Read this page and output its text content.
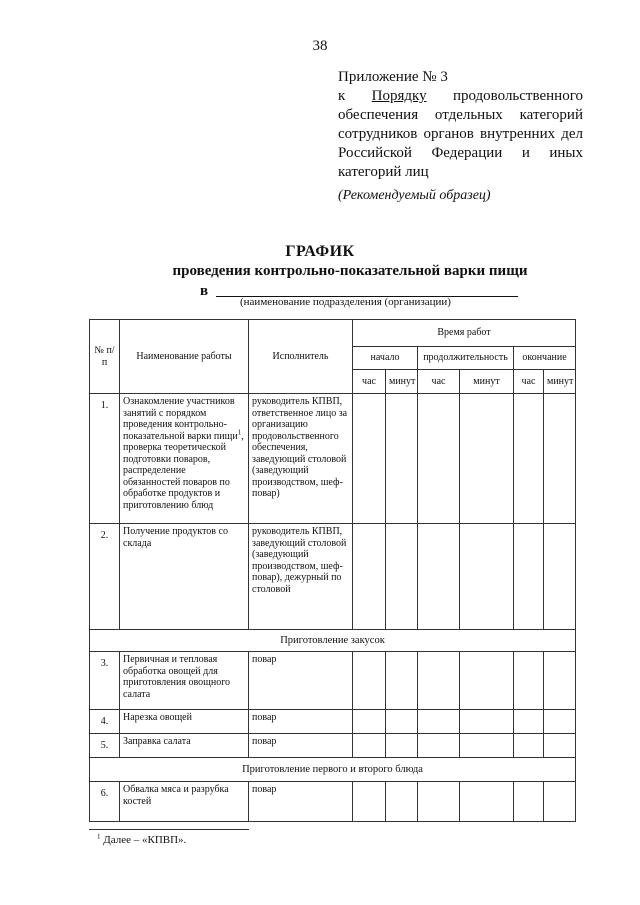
38
Приложение № 3
к Порядку продовольственного
обеспечения отдельных категорий
сотрудников органов внутренних дел
Российской Федерации и иных
категорий лиц
(Рекомендуемый образец)
ГРАФИК
проведения контрольно-показательной варки пищи
в
(наименование подразделения (организации)
№ п/п	Наименование работы	Исполнитель	Время работ					
			начало		продолжительность		окончание	
			час	минут	час	минут	час	минут
1.	Ознакомление участников занятий с порядком проведения контрольно-показательной варки пищи$^1$, проверка теоретической подготовки поваров, распределение обязанностей поваров по обработке продуктов и приготовлению блюд	руководитель КПВП, ответственное лицо за организацию продовольственного обеспечения, заведующий столовой (заведующий производством, шеф-повар)						
2.	Получение продуктов со склада	руководитель КПВП, заведующий столовой (заведующий производством, шеф-повар), дежурный по столовой						
Приготовление закусок								
3.	Первичная и тепловая обработка овощей для приготовления овощного салата	повар						
4.	Нарезка овощей	повар						
5.	Заправка салата	повар						
Приготовление первого и второго блюда								
6.	Обвалка мяса и разрубка костей	повар						
$^1$ Далее – «КПВП».
